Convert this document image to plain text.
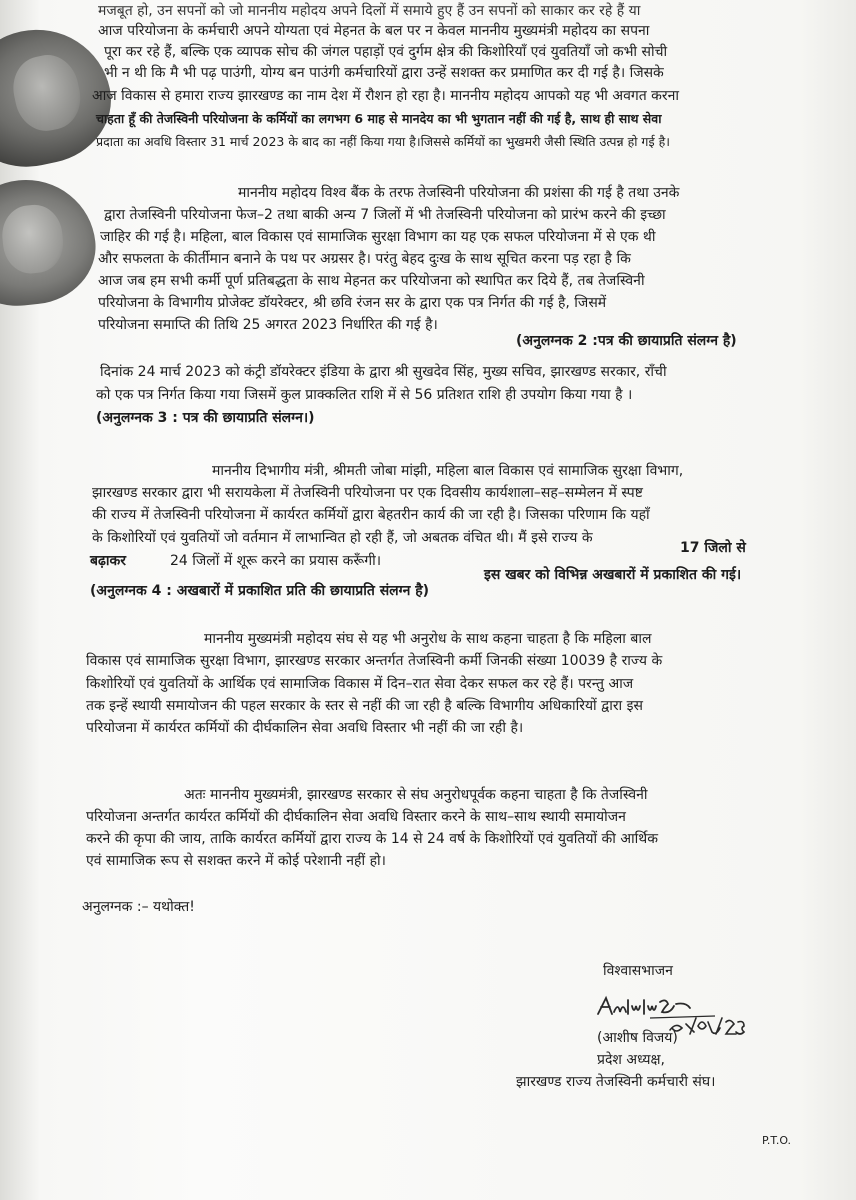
मजबूत हो, उन सपनों को जो माननीय महोदय अपने दिलों में समाये हुए हैं उन सपनों को साकार कर रहे हैं या
आज परियोजना के कर्मचारी अपने योग्यता एवं मेहनत के बल पर न केवल माननीय मुख्यमंत्री महोदय का सपना
पूरा कर रहे हैं, बल्कि एक व्यापक सोच की जंगल पहाड़ों एवं दुर्गम क्षेत्र की किशोरियाँ एवं युवतियाँ जो कभी सोची
भी न थी कि मै भी पढ़ पाउंगी, योग्य बन पाउंगी कर्मचारियों द्वारा उन्हें सशक्त कर प्रमाणित कर दी गई है। जिसके
आज विकास से हमारा राज्य झारखण्ड का नाम देश में रौशन हो रहा है। माननीय महोदय आपको यह भी अवगत करना
चाहता हूँ की तेजस्विनी परियोजना के कर्मियों का लगभग 6 माह से मानदेय का भी भुगतान नहीं की गई है, साथ ही साथ सेवा
प्रदाता का अवधि विस्तार 31 मार्च 2023 के बाद का नहीं किया गया है।जिससे कर्मियों का भुखमरी जैसी स्थिति उत्पन्न हो गई है।
माननीय महोदय विश्व बैंक के तरफ तेजस्विनी परियोजना की प्रशंसा की गई है तथा उनके
द्वारा तेजस्विनी परियोजना फेज–2 तथा बाकी अन्य 7 जिलों में भी तेजस्विनी परियोजना को प्रारंभ करने की इच्छा
जाहिर की गई है। महिला, बाल विकास एवं सामाजिक सुरक्षा विभाग का यह एक सफल परियोजना में से एक थी
और सफलता के कीर्तीमान बनाने के पथ पर अग्रसर है। परंतु बेहद दुःख के साथ सूचित करना पड़ रहा है कि
आज जब हम सभी कर्मी पूर्ण प्रतिबद्धता के साथ मेहनत कर परियोजना को स्थापित कर दिये हैं, तब तेजस्विनी
परियोजना के विभागीय प्रोजेक्ट डॉयरेक्टर, श्री छवि रंजन सर के द्वारा एक पत्र निर्गत की गई है, जिसमें
परियोजना समाप्ति की तिथि 25 अगरत 2023 निर्धारित की गई है।
(अनुलग्नक 2 :पत्र की छायाप्रति संलग्न है)
दिनांक 24 मार्च 2023 को कंट्री डॉयरेक्टर इंडिया के द्वारा श्री सुखदेव सिंह, मुख्य सचिव, झारखण्ड सरकार, राँची
को एक पत्र निर्गत किया गया जिसमें कुल प्राक्कलित राशि में से 56 प्रतिशत राशि ही उपयोग किया गया है ।
(अनुलग्नक 3 : पत्र की छायाप्रति संलग्न।)
माननीय दिभागीय मंत्री, श्रीमती जोबा मांझी, महिला बाल विकास एवं सामाजिक सुरक्षा विभाग,
झारखण्ड सरकार द्वारा भी सरायकेला में तेजस्विनी परियोजना पर एक दिवसीय कार्यशाला–सह–सम्मेलन में स्पष्ट
की राज्य में तेजस्विनी परियोजना में कार्यरत कर्मियों द्वारा बेहतरीन कार्य की जा रही है। जिसका परिणाम कि यहाँ
के किशोरियों एवं युवतियों जो वर्तमान में लाभान्वित हो रही हैं, जो अबतक वंचित थी। मैं इसे राज्य के
17 जिलो से
बढ़ाकर	24 जिलों में शूरू करने का प्रयास करूँगी।
इस खबर को विभिन्न अखबारों में प्रकाशित की गई।
(अनुलग्नक 4 : अखबारों में प्रकाशित प्रति की छायाप्रति संलग्न है)
माननीय मुख्यमंत्री महोदय संघ से यह भी अनुरोध के साथ कहना चाहता है कि महिला बाल
विकास एवं सामाजिक सुरक्षा विभाग, झारखण्ड सरकार अन्तर्गत तेजस्विनी कर्मी जिनकी संख्या 10039 है राज्य के
किशोरियों एवं युवतियों के आर्थिक एवं सामाजिक विकास में दिन–रात सेवा देकर सफल कर रहे हैं। परन्तु आज
तक इन्हें स्थायी समायोजन की पहल सरकार के स्तर से नहीं की जा रही है बल्कि विभागीय अधिकारियों द्वारा इस
परियोजना में कार्यरत कर्मियों की दीर्घकालिन सेवा अवधि विस्तार भी नहीं की जा रही है।
अतः माननीय मुख्यमंत्री, झारखण्ड सरकार से संघ अनुरोधपूर्वक कहना चाहता है कि तेजस्विनी
परियोजना अन्तर्गत कार्यरत कर्मियों की दीर्घकालिन सेवा अवधि विस्तार करने के साथ–साथ स्थायी समायोजन
करने की कृपा की जाय, ताकि कार्यरत कर्मियों द्वारा राज्य के 14 से 24 वर्ष के किशोरियों एवं युवतियों की आर्थिक
एवं सामाजिक रूप से सशक्त करने में कोई परेशानी नहीं हो।
अनुलग्नक :– यथोक्त!
विश्वासभाजन
(आशीष विजय)
प्रदेश अध्यक्ष,
झारखण्ड राज्य तेजस्विनी कर्मचारी संघ।
P.T.O.
